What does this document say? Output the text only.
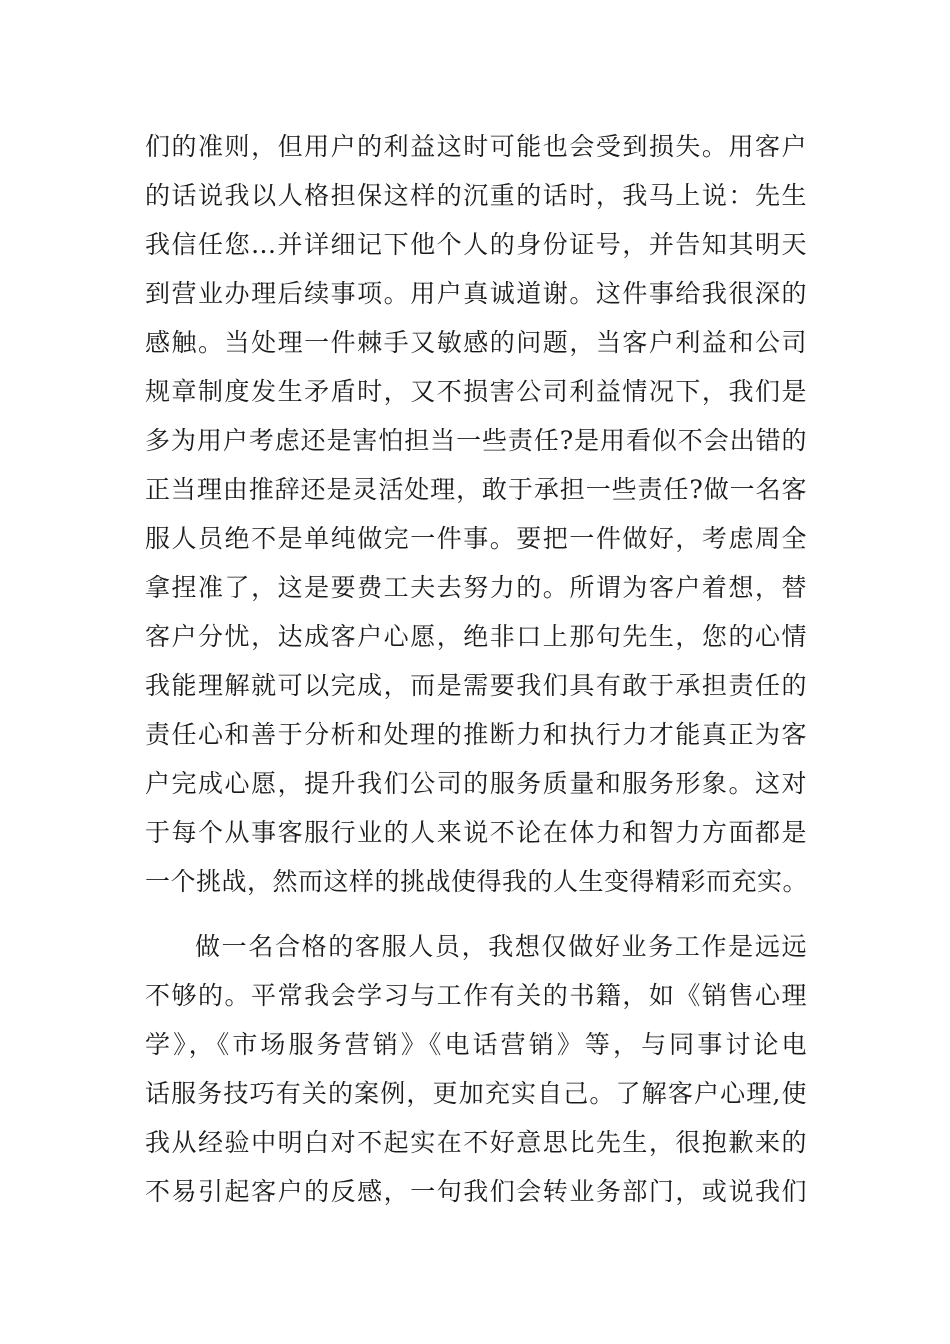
们的准则，但用户的利益这时可能也会受到损失。用客户
的话说我以人格担保这样的沉重的话时，我马上说：先生
我信任您...并详细记下他个人的身份证号，并告知其明天
到营业办理后续事项。用户真诚道谢。这件事给我很深的
感触。当处理一件棘手又敏感的问题，当客户利益和公司
规章制度发生矛盾时，又不损害公司利益情况下，我们是
多为用户考虑还是害怕担当一些责任?是用看似不会出错的
正当理由推辞还是灵活处理，敢于承担一些责任?做一名客
服人员绝不是单纯做完一件事。要把一件做好，考虑周全
拿捏准了，这是要费工夫去努力的。所谓为客户着想，替
客户分忧，达成客户心愿，绝非口上那句先生，您的心情
我能理解就可以完成，而是需要我们具有敢于承担责任的
责任心和善于分析和处理的推断力和执行力才能真正为客
户完成心愿，提升我们公司的服务质量和服务形象。这对
于每个从事客服行业的人来说不论在体力和智力方面都是
一个挑战，然而这样的挑战使得我的人生变得精彩而充实。
做一名合格的客服人员，我想仅做好业务工作是远远
不够的。平常我会学习与工作有关的书籍，如《销售心理
学》，《市场服务营销》《电话营销》等，与同事讨论电
话服务技巧有关的案例，更加充实自己。了解客户心理,使
我从经验中明白对不起实在不好意思比先生，很抱歉来的
不易引起客户的反感，一句我们会转业务部门，或说我们
